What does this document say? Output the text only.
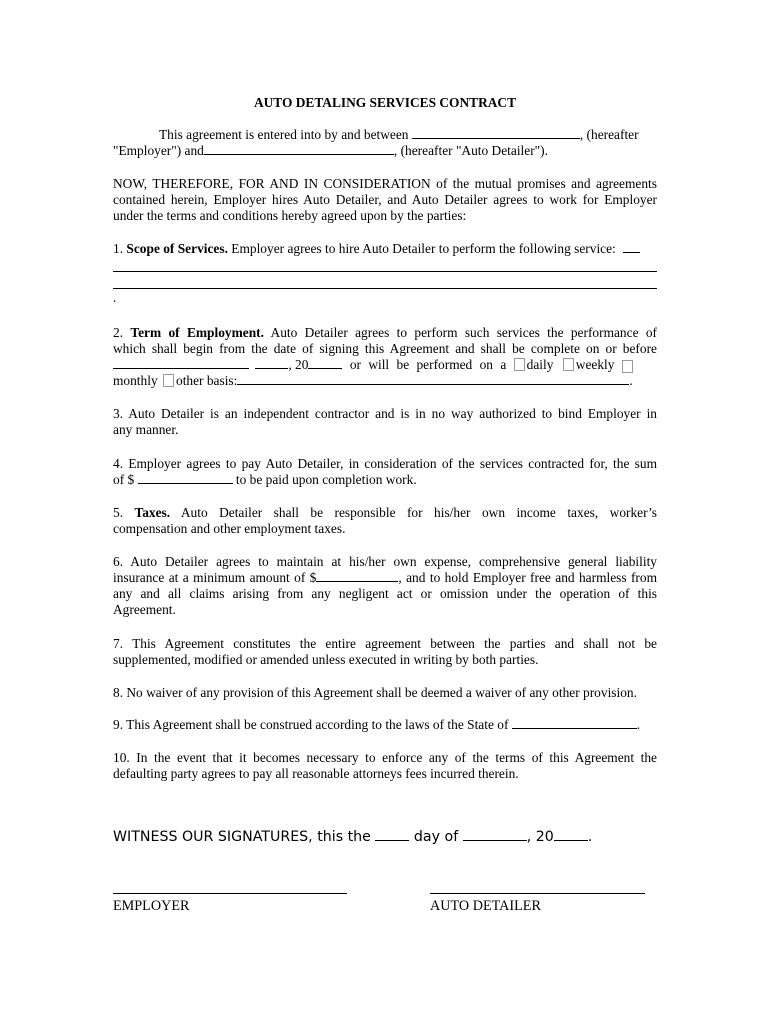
AUTO DETALING SERVICES CONTRACT
This agreement is entered into by and between	, (hereafter
"Employer") and	, (hereafter "Auto Detailer").
NOW, THEREFORE, FOR AND IN CONSIDERATION of the mutual promises and agreements
contained herein, Employer hires Auto Detailer, and Auto Detailer agrees to work for Employer
under the terms and conditions hereby agreed upon by the parties:
1. Scope of Services. Employer agrees to hire Auto Detailer to perform the following service:
.
2. Term of Employment. Auto Detailer agrees to perform such services the performance of
which shall begin from the date of signing this Agreement and shall be complete on or before
, 20	or will be performed on a daily weekly
monthly other basis:	.
3. Auto Detailer is an independent contractor and is in no way authorized to bind Employer in
any manner.
4. Employer agrees to pay Auto Detailer, in consideration of the services contracted for, the sum
of $	to be paid upon completion work.
5. Taxes. Auto Detailer shall be responsible for his/her own income taxes, worker’s
compensation and other employment taxes.
6. Auto Detailer agrees to maintain at his/her own expense, comprehensive general liability
insurance at a minimum amount of $	, and to hold Employer free and harmless from
any and all claims arising from any negligent act or omission under the operation of this
Agreement.
7. This Agreement constitutes the entire agreement between the parties and shall not be
supplemented, modified or amended unless executed in writing by both parties.
8. No waiver of any provision of this Agreement shall be deemed a waiver of any other provision.
9. This Agreement shall be construed according to the laws of the State of	.
10. In the event that it becomes necessary to enforce any of the terms of this Agreement the
defaulting party agrees to pay all reasonable attorneys fees incurred therein.
WITNESS OUR SIGNATURES, this the	day of	, 20 .
EMPLOYER	AUTO DETAILER
